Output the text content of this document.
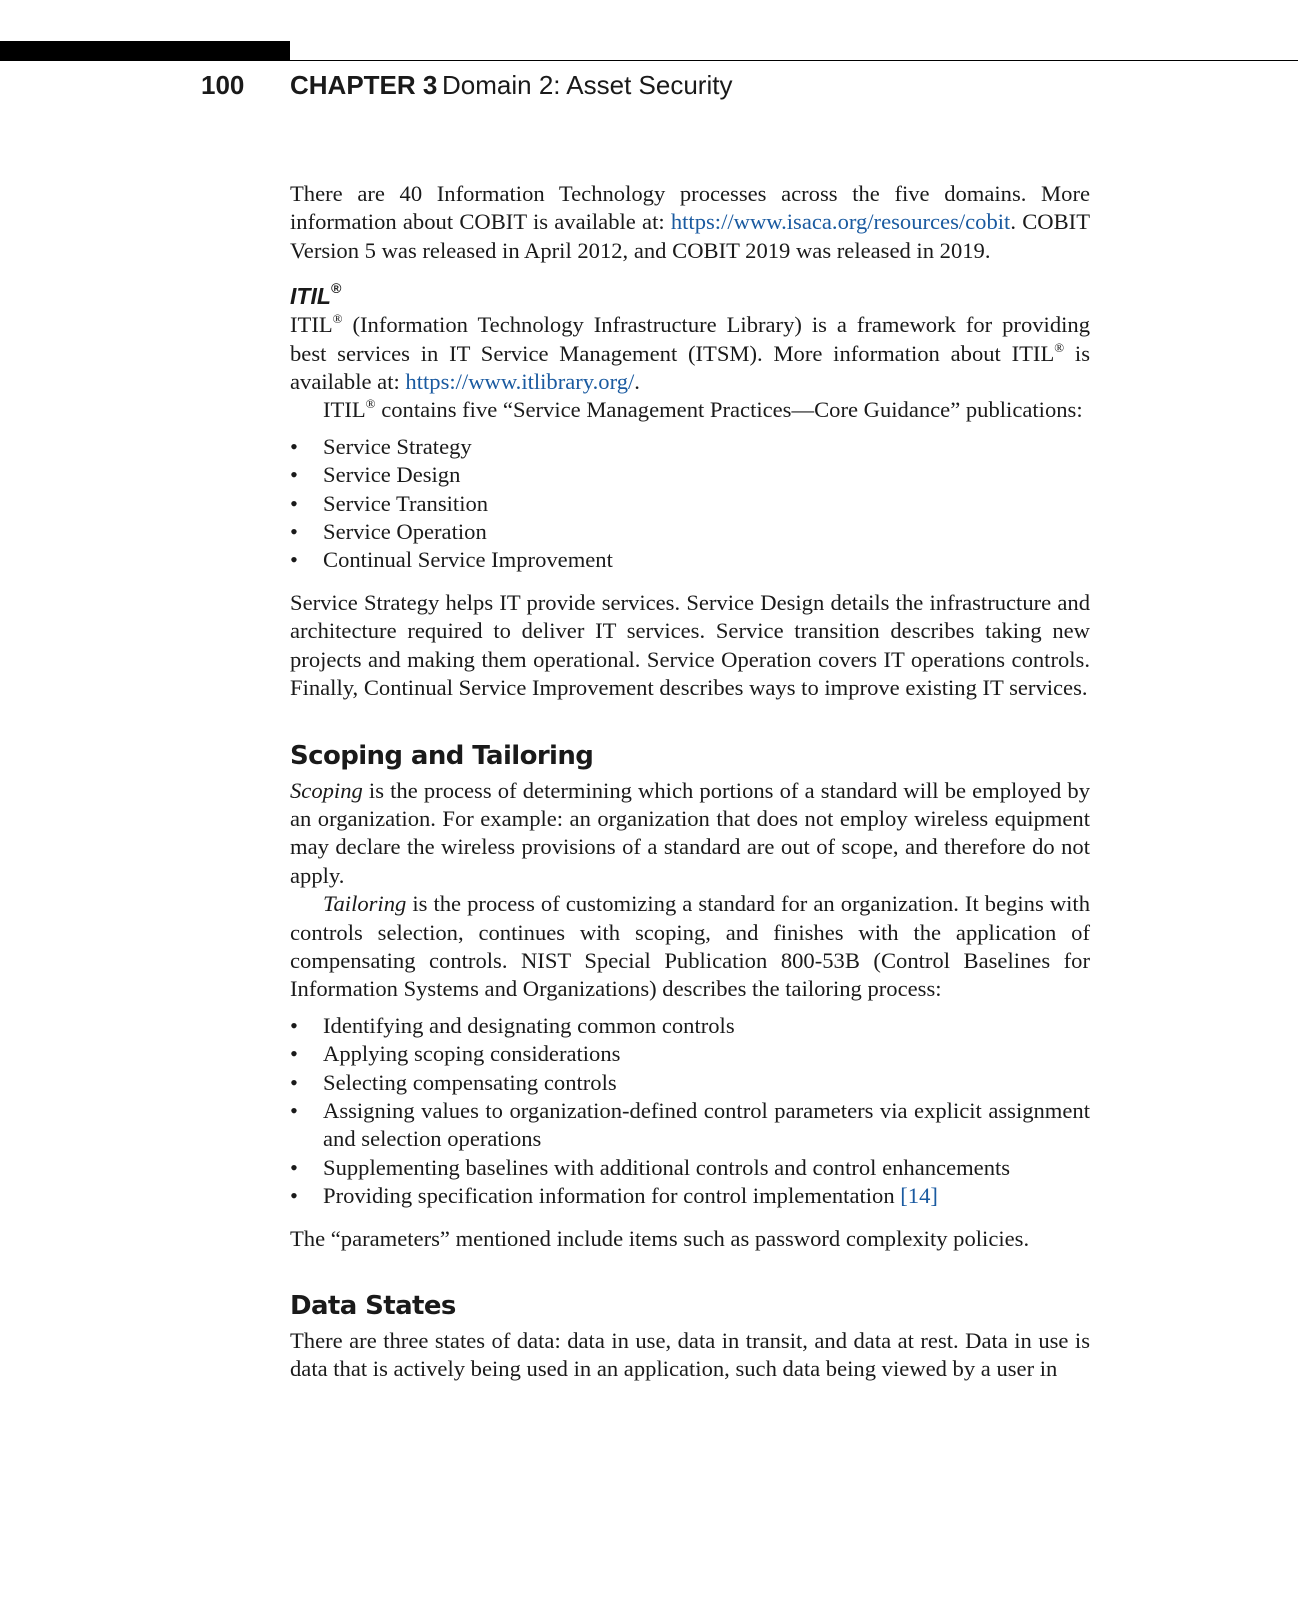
100 CHAPTER 3 Domain 2: Asset Security

There are 40 Information Technology processes across the five domains. More information about COBIT is available at: https://www.isaca.org/resources/cobit. COBIT Version 5 was released in April 2012, and COBIT 2019 was released in 2019.

ITIL®

ITIL® (Information Technology Infrastructure Library) is a framework for providing best services in IT Service Management (ITSM). More information about ITIL® is available at: https://www.itlibrary.org/.

ITIL® contains five “Service Management Practices—Core Guidance” publications:

• Service Strategy
• Service Design
• Service Transition
• Service Operation
• Continual Service Improvement

Service Strategy helps IT provide services. Service Design details the infrastructure and architecture required to deliver IT services. Service transition describes taking new projects and making them operational. Service Operation covers IT operations controls. Finally, Continual Service Improvement describes ways to improve existing IT services.

Scoping and Tailoring

Scoping is the process of determining which portions of a standard will be employed by an organization. For example: an organization that does not employ wireless equipment may declare the wireless provisions of a standard are out of scope, and therefore do not apply.

Tailoring is the process of customizing a standard for an organization. It begins with controls selection, continues with scoping, and finishes with the application of compensating controls. NIST Special Publication 800-53B (Control Baselines for Information Systems and Organizations) describes the tailoring process:

• Identifying and designating common controls
• Applying scoping considerations
• Selecting compensating controls
• Assigning values to organization-defined control parameters via explicit assignment and selection operations
• Supplementing baselines with additional controls and control enhancements
• Providing specification information for control implementation [14]

The “parameters” mentioned include items such as password complexity policies.

Data States

There are three states of data: data in use, data in transit, and data at rest. Data in use is data that is actively being used in an application, such data being viewed by a user in
